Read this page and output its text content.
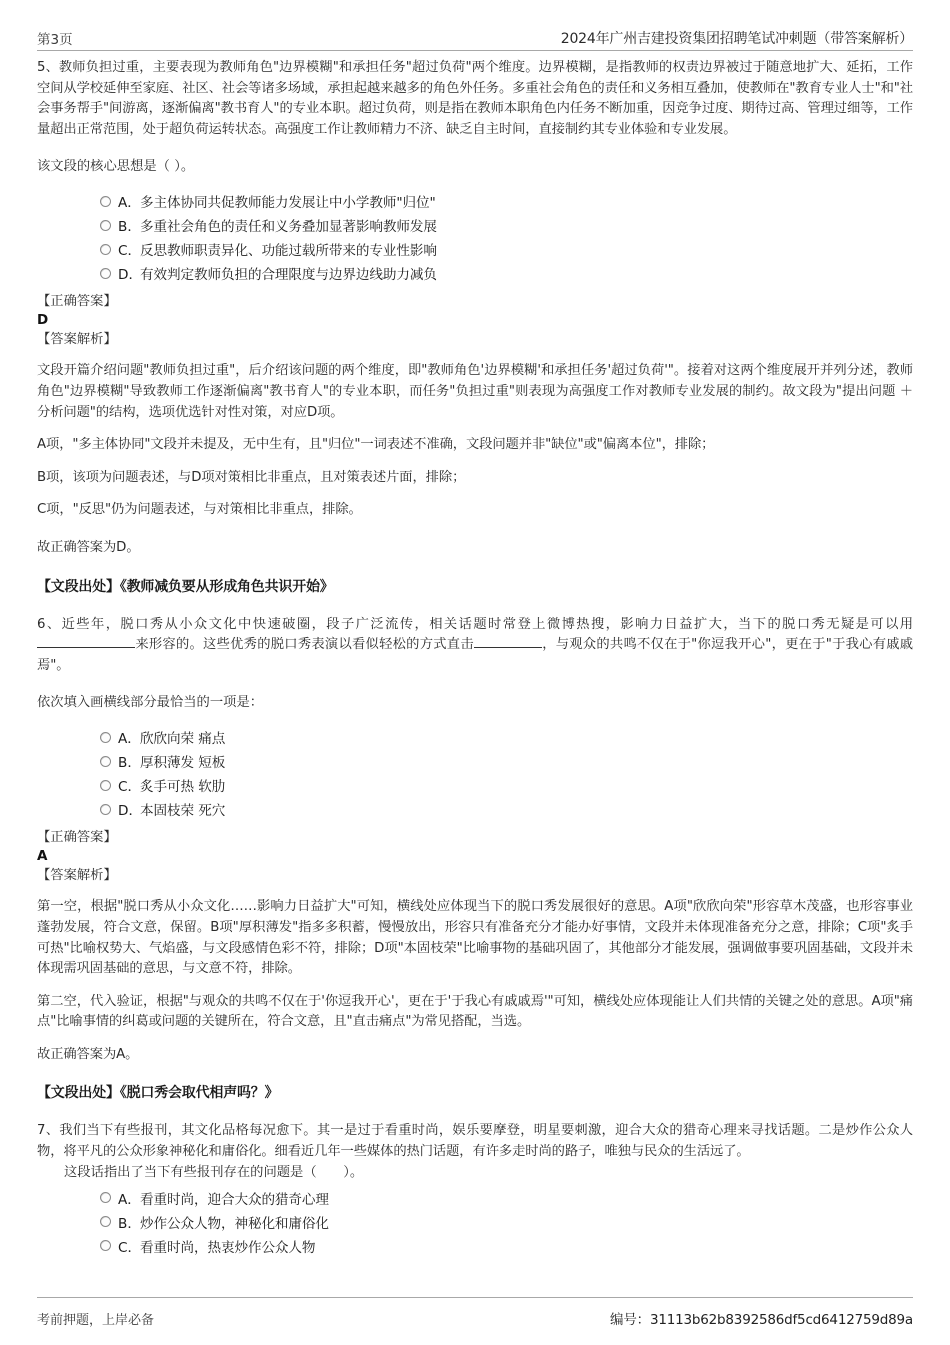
第3页	2024年广州吉建投资集团招聘笔试冲刺题（带答案解析）

5、教师负担过重，主要表现为教师角色"边界模糊"和承担任务"超过负荷"两个维度。边界模糊，是指教师的权责边界被过于随意地扩大、延拓，工作空间从学校延伸至家庭、社区、社会等诸多场域，承担起越来越多的角色外任务。多重社会角色的责任和义务相互叠加，使教师在"教育专业人士"和"社会事务帮手"间游离，逐渐偏离"教书育人"的专业本职。超过负荷，则是指在教师本职角色内任务不断加重，因竞争过度、期待过高、管理过细等，工作量超出正常范围，处于超负荷运转状态。高强度工作让教师精力不济、缺乏自主时间，直接制约其专业体验和专业发展。

该文段的核心思想是（ ）。

A． 多主体协同共促教师能力发展让中小学教师"归位"
B． 多重社会角色的责任和义务叠加显著影响教师发展
C．
反思教师职责异化、功能过载所带来的专业性影响
D．
有效判定教师负担的合理限度与边界边线助力减负

【正确答案】

D

【答案解析】

文段开篇介绍问题"教师负担过重"，后介绍该问题的两个维度，即"教师角色'边界模糊'和承担任务'超过负荷'"。接着对这两个维度展开并列分述，教师角色"边界模糊"导致教师工作逐渐偏离"教书育人"的专业本职，而任务"负担过重"则表现为高强度工作对教师专业发展的制约。故文段为"提出问题 ＋ 分析问题"的结构，选项优选针对性对策，对应D项。

A项，"多主体协同"文段并未提及，无中生有，且"归位"一词表述不准确，文段问题并非"缺位"或"偏离本位"，排除；

B项，该项为问题表述，与D项对策相比非重点，且对策表述片面，排除；

C项，"反思"仍为问题表述，与对策相比非重点，排除。

故正确答案为D。

【文段出处】《教师减负要从形成角色共识开始》

6、近些年，脱口秀从小众文化中快速破圈，段子广泛流传，相关话题时常登上微博热搜，影响力日益扩大，当下的脱口秀无疑是可以用来形容的。这些优秀的脱口秀表演以看似轻松的方式直击	，与观众的共鸣不仅在于"你逗我开心"，更在于"于我心有戚戚焉"。

依次填入画横线部分最恰当的一项是：

A． 欣欣向荣 痛点
B． 厚积薄发 短板
C．
炙手可热 软肋
D．
本固枝荣 死穴

【正确答案】

A

【答案解析】

第一空，根据"脱口秀从小众文化……影响力日益扩大"可知，横线处应体现当下的脱口秀发展很好的意思。A项"欣欣向荣"形容草木茂盛，也形容事业蓬勃发展，符合文意，保留。B项"厚积薄发"指多多积蓄，慢慢放出，形容只有准备充分才能办好事情，文段并未体现准备充分之意，排除；C项"炙手可热"比喻权势大、气焰盛，与文段感情色彩不符，排除；D项"本固枝荣"比喻事物的基础巩固了，其他部分才能发展，强调做事要巩固基础，文段并未体现需巩固基础的意思，与文意不符，排除。

第二空，代入验证，根据"与观众的共鸣不仅在于'你逗我开心'，更在于'于我心有戚戚焉'"可知，横线处应体现能让人们共情的关键之处的意思。A项"痛点"比喻事情的纠葛或问题的关键所在，符合文意，且"直击痛点"为常见搭配，当选。

故正确答案为A。

【文段出处】《脱口秀会取代相声吗？》

7、我们当下有些报刊，其文化品格每况愈下。其一是过于看重时尚，娱乐要摩登，明星要刺激，迎合大众的猎奇心理来寻找话题。二是炒作公众人物，将平凡的公众形象神秘化和庸俗化。细看近几年一些媒体的热门话题，有许多走时尚的路子，唯独与民众的生活远了。

这段话指出了当下有些报刊存在的问题是（　　）。

A． 看重时尚，迎合大众的猎奇心理
B． 炒作公众人物，神秘化和庸俗化
C．
看重时尚，热衷炒作公众人物
考前押题，上岸必备	编号：31113b62b8392586df5cd6412759d89a
